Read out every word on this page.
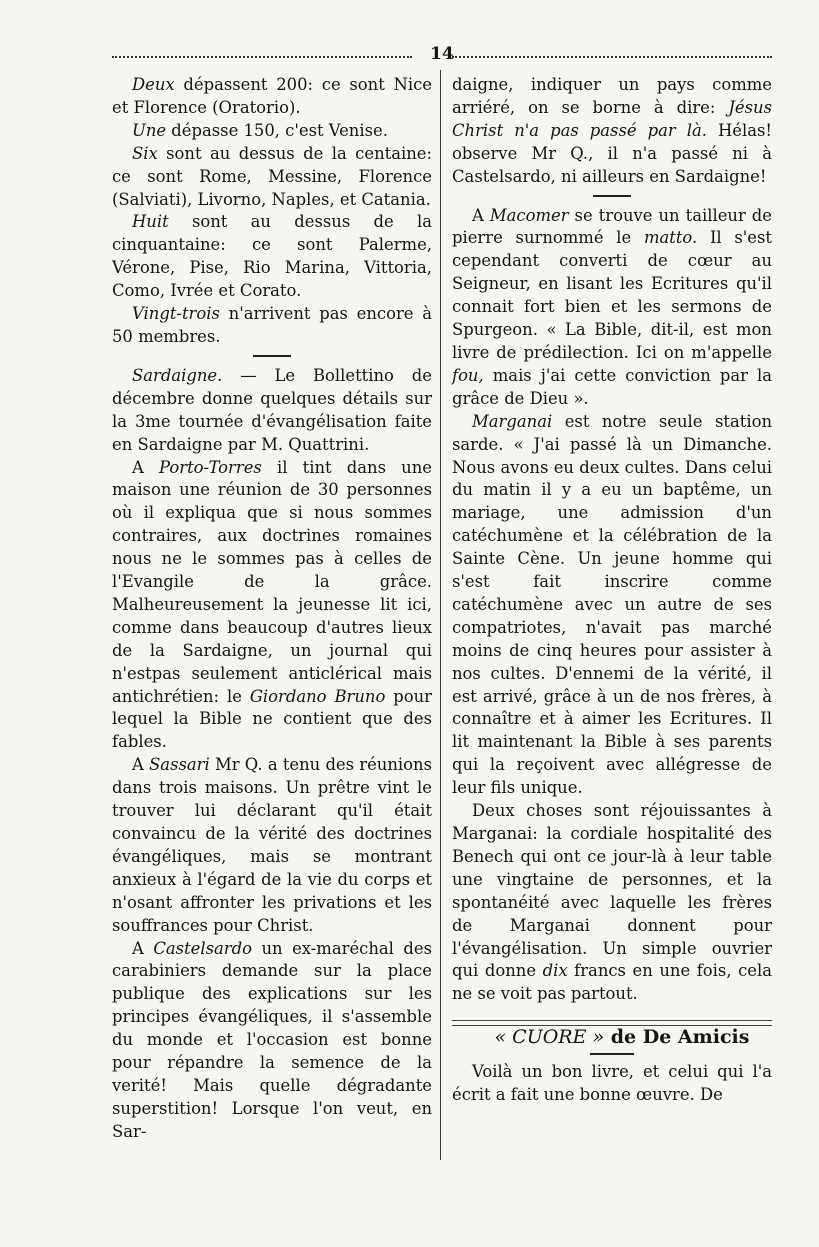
14

Deux dépassent 200: ce sont Nice et Florence (Oratorio).

Une dépasse 150, c'est Venise.

Six sont au dessus de la centaine: ce sont Rome, Messine, Florence (Salviati), Livorno, Naples, et Catania.

Huit sont au dessus de la cinquantaine: ce sont Palerme, Vérone, Pise, Rio Marina, Vittoria, Como, Ivrée et Corato.

Vingt-trois n'arrivent pas encore à 50 membres.

Sardaigne. — Le Bollettino de décembre donne quelques détails sur la 3me tournée d'évangélisation faite en Sardaigne par M. Quattrini.

A Porto-Torres il tint dans une maison une réunion de 30 personnes où il expliqua que si nous sommes contraires, aux doctrines romaines nous ne le sommes pas à celles de l'Evangile de la grâce. Malheureusement la jeunesse lit ici, comme dans beaucoup d'autres lieux de la Sardaigne, un journal qui n'estpas seulement anticlérical mais antichrétien: le Giordano Bruno pour lequel la Bible ne contient que des fables.

A Sassari Mr Q. a tenu des réunions dans trois maisons. Un prêtre vint le trouver lui déclarant qu'il était convaincu de la vérité des doctrines évangéliques, mais se montrant anxieux à l'égard de la vie du corps et n'osant affronter les privations et les souffrances pour Christ.

A Castelsardo un ex-maréchal des carabiniers demande sur la place publique des explications sur les principes évangéliques, il s'assemble du monde et l'occasion est bonne pour répandre la semence de la verité! Mais quelle dégradante superstition! Lorsque l'on veut, en Sar-

daigne, indiquer un pays comme arriéré, on se borne à dire: Jésus Christ n'a pas passé par là. Hélas! observe Mr Q., il n'a passé ni à Castelsardo, ni ailleurs en Sardaigne!

A Macomer se trouve un tailleur de pierre surnommé le matto. Il s'est cependant converti de cœur au Seigneur, en lisant les Ecritures qu'il connait fort bien et les sermons de Spurgeon. « La Bible, dit-il, est mon livre de prédilection. Ici on m'appelle fou, mais j'ai cette conviction par la grâce de Dieu ».

Marganai est notre seule station sarde. « J'ai passé là un Dimanche. Nous avons eu deux cultes. Dans celui du matin il y a eu un baptême, un mariage, une admission d'un catéchumène et la célébration de la Sainte Cène. Un jeune homme qui s'est fait inscrire comme catéchumène avec un autre de ses compatriotes, n'avait pas marché moins de cinq heures pour assister à nos cultes. D'ennemi de la vérité, il est arrivé, grâce à un de nos frères, à connaître et à aimer les Ecritures. Il lit maintenant la Bible à ses parents qui la reçoivent avec allégresse de leur fils unique.

Deux choses sont réjouissantes à Marganai: la cordiale hospitalité des Benech qui ont ce jour-là à leur table une vingtaine de personnes, et la spontanéité avec laquelle les frères de Marganai donnent pour l'évangélisation. Un simple ouvrier qui donne dix francs en une fois, cela ne se voit pas partout.

« CUORE » de De Amicis

Voilà un bon livre, et celui qui l'a écrit a fait une bonne œuvre. De
